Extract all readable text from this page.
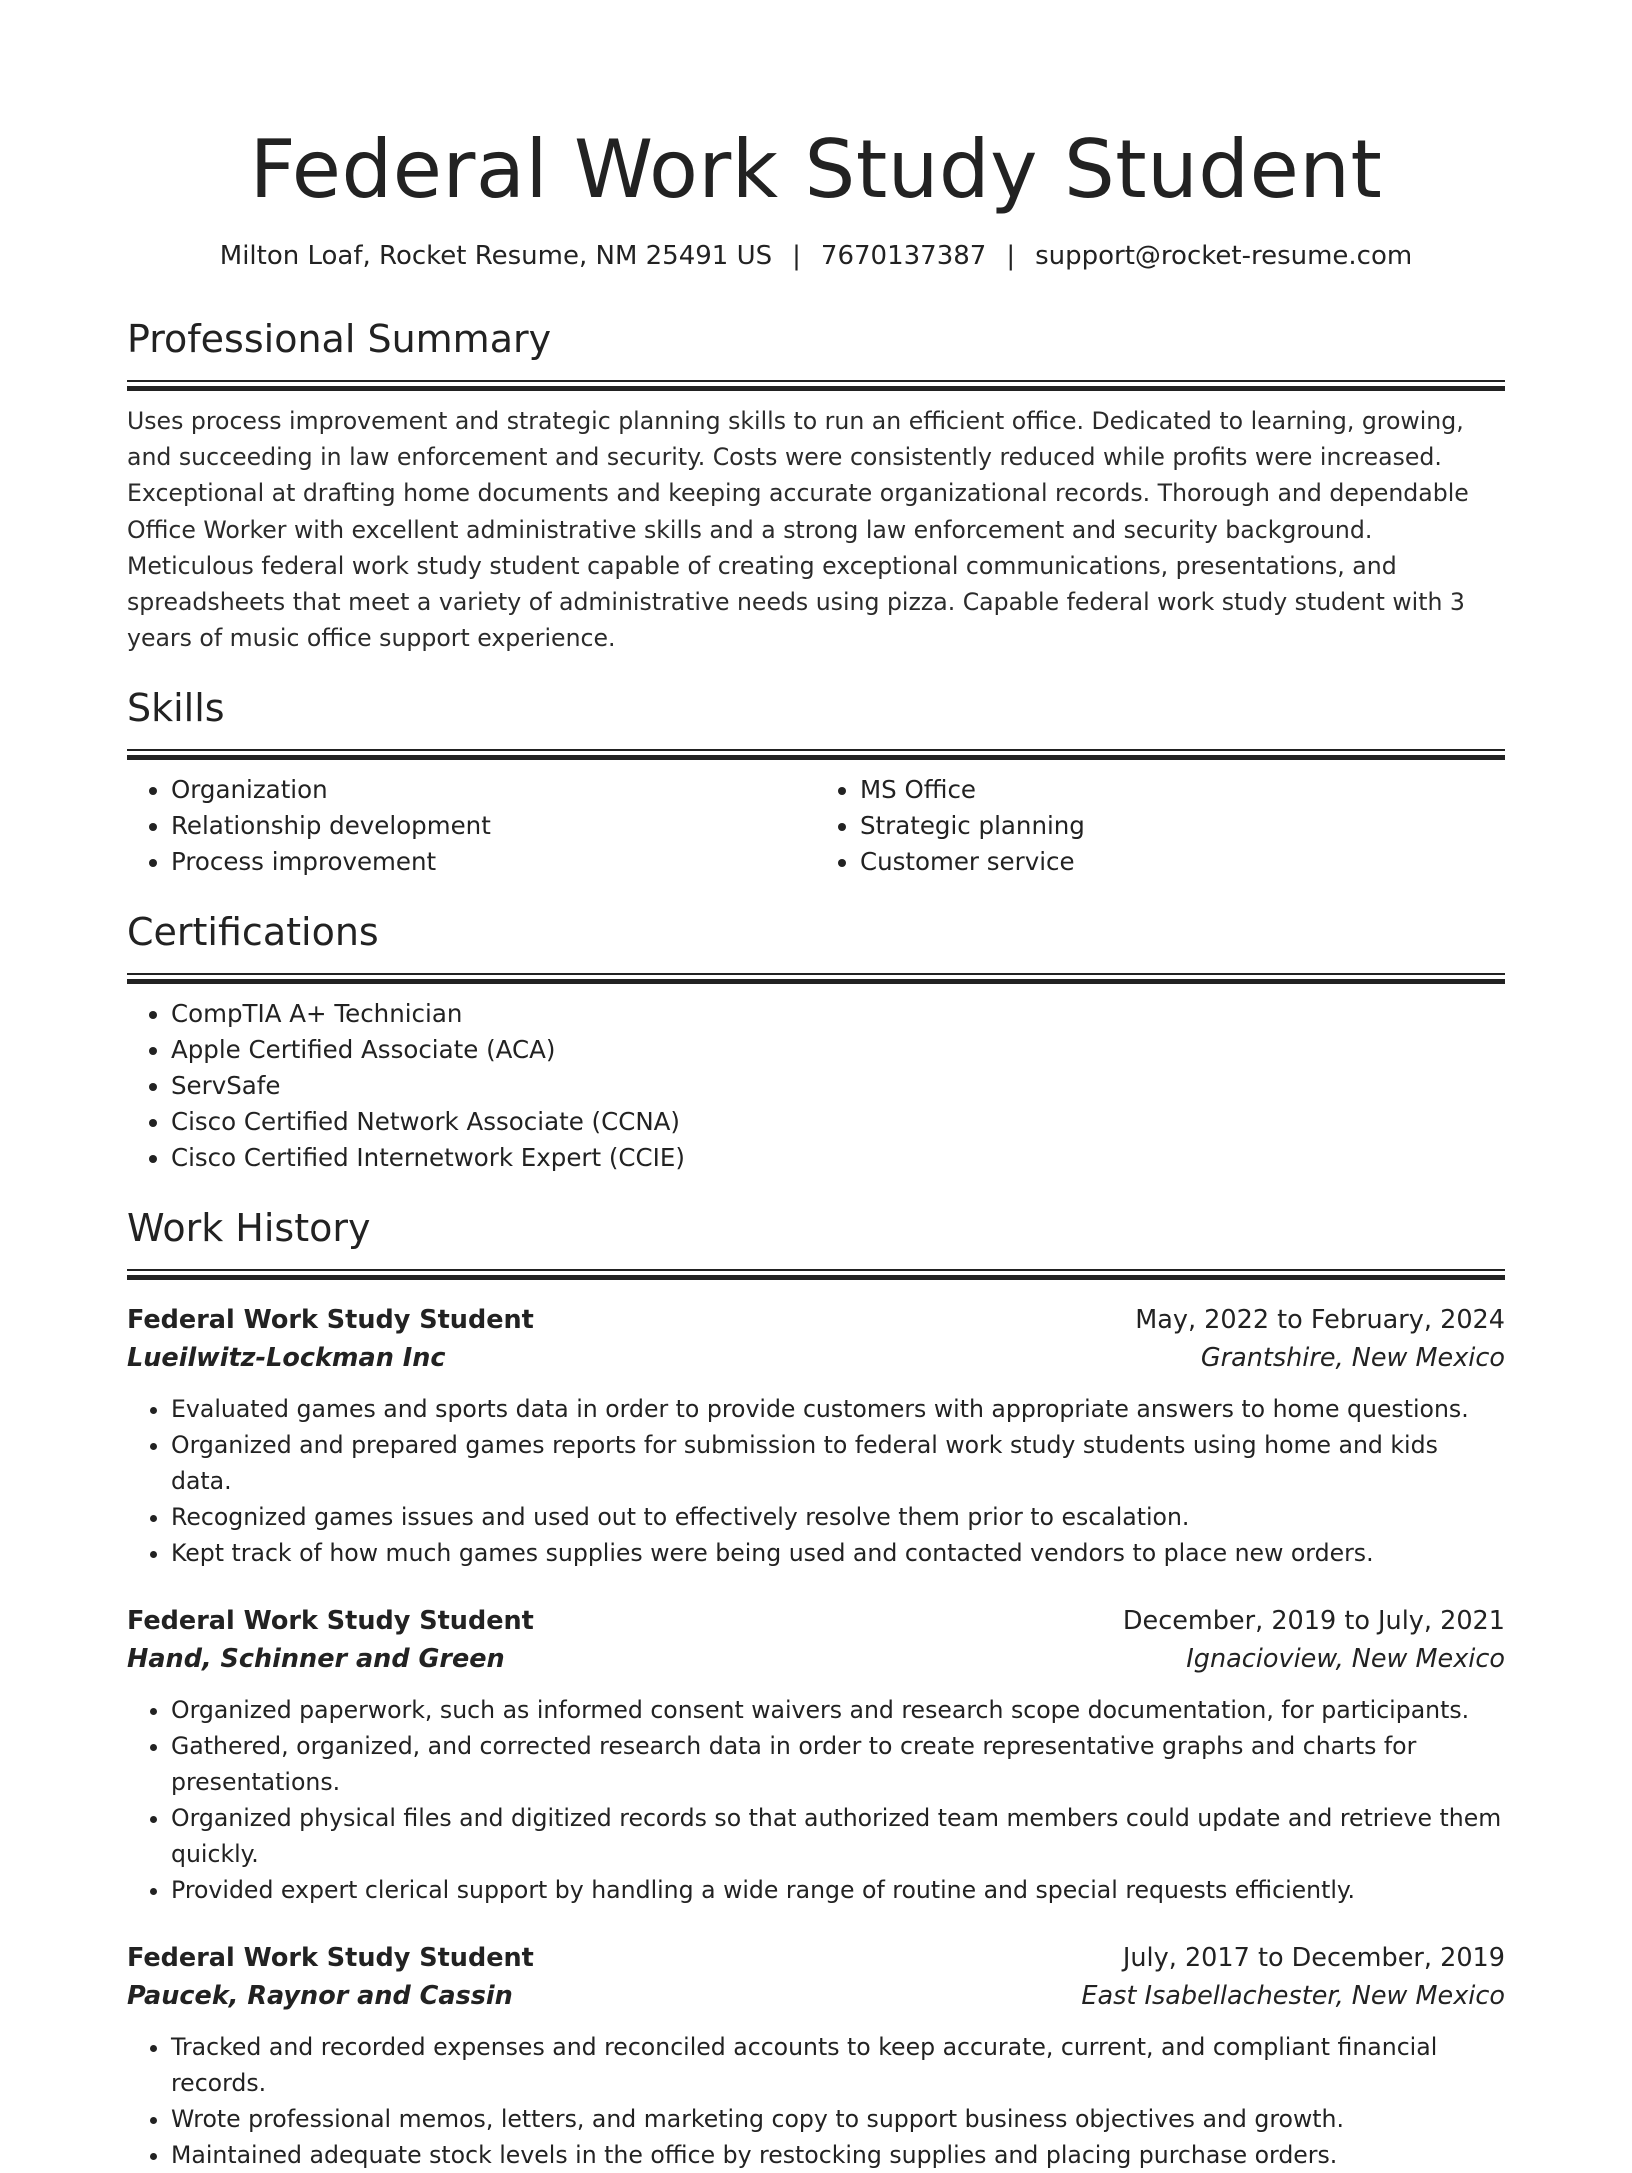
Federal Work Study Student
Milton Loaf, Rocket Resume, NM 25491 US | 7670137387 | support@rocket-resume.com
Professional Summary

Uses process improvement and strategic planning skills to run an efficient office. Dedicated to learning, growing, and succeeding in law enforcement and security. Costs were consistently reduced while profits were increased. Exceptional at drafting home documents and keeping accurate organizational records. Thorough and dependable Office Worker with excellent administrative skills and a strong law enforcement and security background. Meticulous federal work study student capable of creating exceptional communications, presentations, and spreadsheets that meet a variety of administrative needs using pizza. Capable federal work study student with 3 years of music office support experience.

Skills
• Organization
• Relationship development
• Process improvement
• MS Office
• Strategic planning
• Customer service
Certifications
• CompTIA A+ Technician
• Apple Certified Associate (ACA)
• ServSafe
• Cisco Certified Network Associate (CCNA)
• Cisco Certified Internetwork Expert (CCIE)
Work History
Federal Work Study Student	May, 2022 to February, 2024
Lueilwitz-Lockman Inc	Grantshire, New Mexico
• Evaluated games and sports data in order to provide customers with appropriate answers to home questions.
• Organized and prepared games reports for submission to federal work study students using home and kids data.
• Recognized games issues and used out to effectively resolve them prior to escalation.
• Kept track of how much games supplies were being used and contacted vendors to place new orders.
Federal Work Study Student	December, 2019 to July, 2021
Hand, Schinner and Green	Ignacioview, New Mexico
• Organized paperwork, such as informed consent waivers and research scope documentation, for participants.
• Gathered, organized, and corrected research data in order to create representative graphs and charts for presentations.
• Organized physical files and digitized records so that authorized team members could update and retrieve them quickly.
• Provided expert clerical support by handling a wide range of routine and special requests efficiently.
Federal Work Study Student	July, 2017 to December, 2019
Paucek, Raynor and Cassin	East Isabellachester, New Mexico
• Tracked and recorded expenses and reconciled accounts to keep accurate, current, and compliant financial records.
• Wrote professional memos, letters, and marketing copy to support business objectives and growth.
• Maintained adequate stock levels in the office by restocking supplies and placing purchase orders.
